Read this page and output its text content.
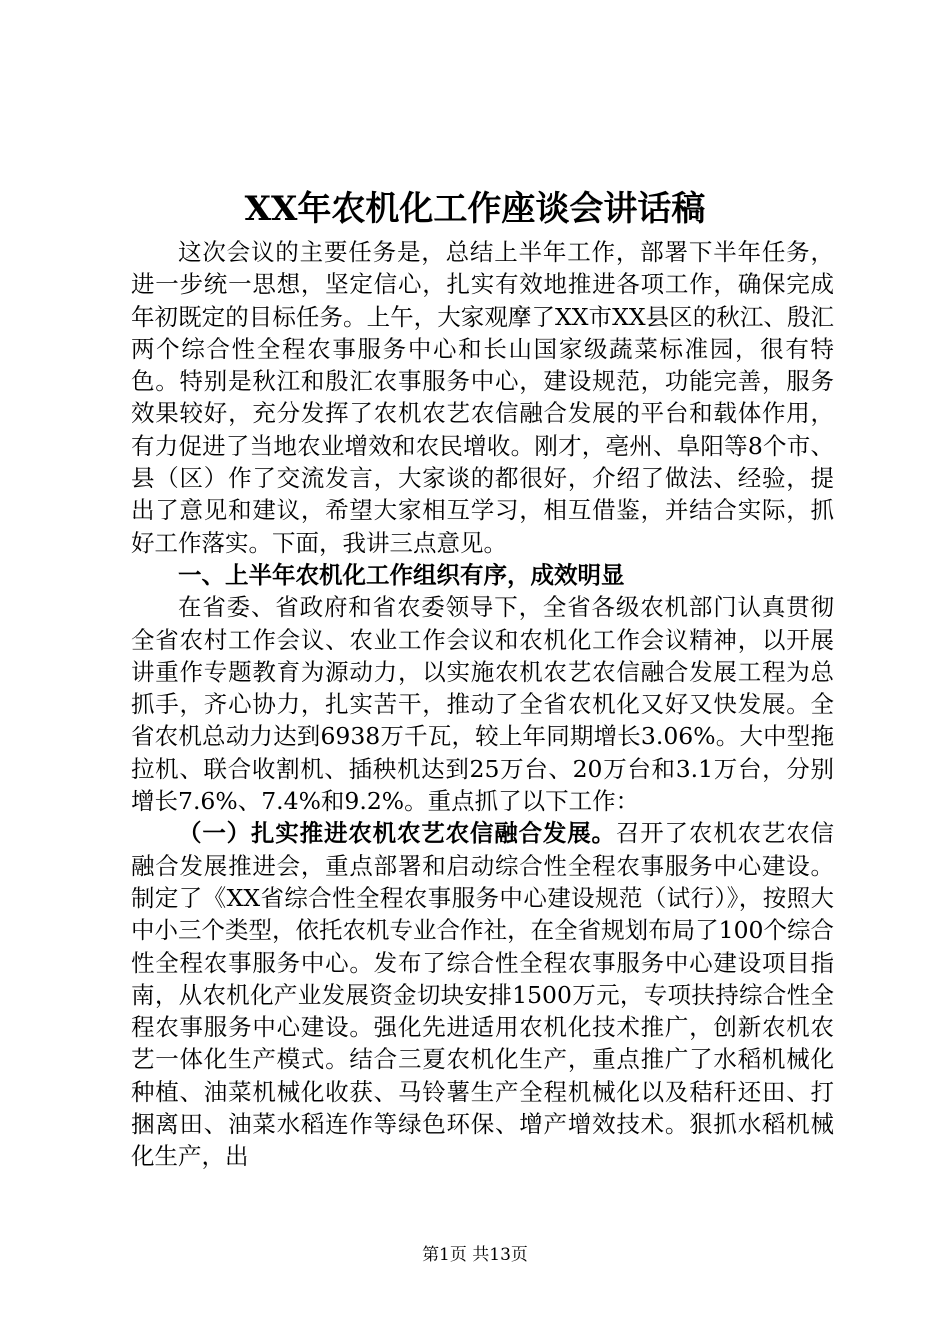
XX年农机化工作座谈会讲话稿

这次会议的主要任务是，总结上半年工作，部署下半年任务，进一步统一思想，坚定信心，扎实有效地推进各项工作，确保完成年初既定的目标任务。上午，大家观摩了XX市XX县区的秋江、殷汇两个综合性全程农事服务中心和长山国家级蔬菜标准园，很有特色。特别是秋江和殷汇农事服务中心，建设规范，功能完善，服务效果较好，充分发挥了农机农艺农信融合发展的平台和载体作用，有力促进了当地农业增效和农民增收。刚才，亳州、阜阳等8个市、县（区）作了交流发言，大家谈的都很好，介绍了做法、经验，提出了意见和建议，希望大家相互学习，相互借鉴，并结合实际，抓好工作落实。下面，我讲三点意见。

一、上半年农机化工作组织有序，成效明显

在省委、省政府和省农委领导下，全省各级农机部门认真贯彻全省农村工作会议、农业工作会议和农机化工作会议精神，以开展讲重作专题教育为源动力，以实施农机农艺农信融合发展工程为总抓手，齐心协力，扎实苦干，推动了全省农机化又好又快发展。全省农机总动力达到6938万千瓦，较上年同期增长3.06%。大中型拖拉机、联合收割机、插秧机达到25万台、20万台和3.1万台，分别增长7.6%、7.4%和9.2%。重点抓了以下工作：

（一）扎实推进农机农艺农信融合发展。召开了农机农艺农信融合发展推进会，重点部署和启动综合性全程农事服务中心建设。制定了《XX省综合性全程农事服务中心建设规范（试行）》，按照大中小三个类型，依托农机专业合作社，在全省规划布局了100个综合性全程农事服务中心。发布了综合性全程农事服务中心建设项目指南，从农机化产业发展资金切块安排1500万元，专项扶持综合性全程农事服务中心建设。强化先进适用农机化技术推广，创新农机农艺一体化生产模式。结合三夏农机化生产，重点推广了水稻机械化种植、油菜机械化收获、马铃薯生产全程机械化以及秸秆还田、打捆离田、油菜水稻连作等绿色环保、增产增效技术。狠抓水稻机械化生产，出

第1页 共13页
